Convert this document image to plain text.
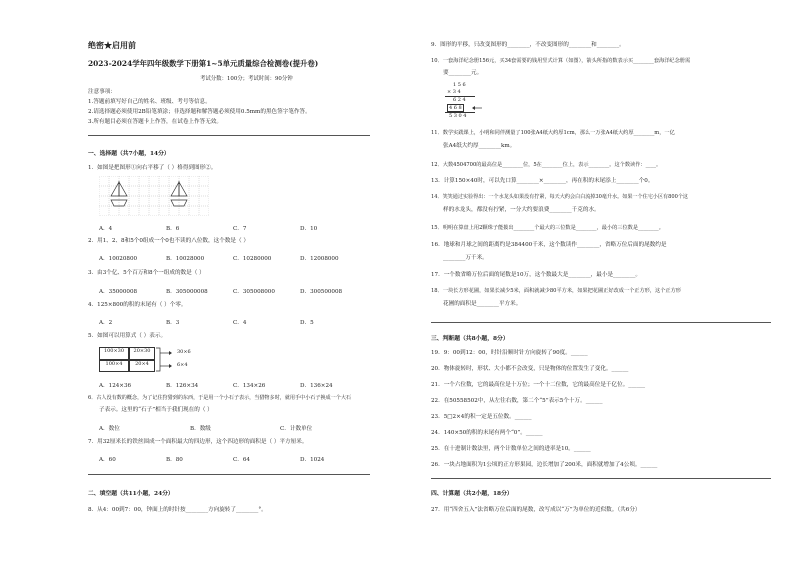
绝密★启用前
2023-2024学年四年级数学下册第1~5单元质量综合检测卷(提升卷)
考试分数：100分；考试时间：90分钟
注意事项：
1.答题前填写好自己的姓名、班级、考号等信息。
2.请选择题必须使用2B铅笔填涂；非选择题和解答题必须使用0.5mm的黑色签字笔作答。
3.所有题目必须在答题卡上作答，在试卷上作答无效。
一、选择题（共7小题，14分）
1．如图是把图形①向右平移了（ ）格得到图形②。
A．4	B．6	C．7	D．10
2．用1、2、8和5个0组成一个0也不读的八位数，这个数是（ ）
A．10020800	B．10028000	C．10280000	D．12008000
3．由3个亿、5个百万和8个一组成的数是（ ）
A．35000008	B．305000008	C．305008000	D．300500008
4．125×800的积的末尾有（ ）个零。
A．2	B．3	C．4	D．5
5．如图可以用算式（ ）表示。
100×30	20×30
100×4	20×4
30×6
6×4
A．124×36	B．126×34	C．134×26	D．136×24
6．古人没有数的概念，为了记住狩猎到的东西，于是用一个小石子表示，当猎物多时，就用手中小石子换成一个大石
子表示。这里的“石子”相当于我们现在的（ ）
A．数位	B．数级	C．计数单位
7．用32厘米长的铁丝围成一个面积最大的四边形，这个四边形的面积是（ ）平方厘米。
A．60	B．80	C．64	D．1024
二、填空题（共11小题，24分）
8．从4：00到7：00，钟面上的时针按________方向旋转了________°。
9．图形的平移，只改变图形的________，不改变图形的________和________。
10．一套海洋纪念册156元，买34套需要的钱用竖式计算（如图），箭头所指的数表示买________套海洋纪念册需
要________元。
1 5 6
× 3 4
6 2 4
4 6 8
5 3 0 4
11．数学实践课上，小明和同伴测量了100张A4纸大约厚1cm，那么一万张A4纸大约厚________m，一亿
张A4纸大约厚________km。
12．大数4504700的最高位是________位，5在________位上，表示________。这个数读作：____。
13．计算150×40时，可以先口算________×________，再在积的末尾添上________个0。
14．笑笑通过实验得出：一个水龙头如果没有拧紧，每天大约会白白流掉30毫升水。如果一个住宅小区有800个这
样的水龙头，都没有拧紧，一分大约要浪费________千克的水。
15．明明在算盘上用2颗珠子能拨出________个最大的三位数是________，最小的三位数是________。
16．地球和月球之间的距离约是384400千米，这个数读作________，省略万位后面的尾数约是
________万千米。
17．一个数省略万位后面的尾数是10万，这个数最大是________，最小是________。
18．一块长方形花圃，如果长减少5米，面积就减少80平方米，如果把花圃正好改成一个正方形，这个正方形
花圃的面积是________平方米。
三、判断题（共8小题，8分）
19．9：00到12：00，时针沿顺时针方向旋转了90度。______
20．物体旋转时，形状、大小都不会改变，只是物体的位置发生了变化。______
21．一个六位数，它的最高位是十万位；一个十二位数，它的最高位是千亿位。______
22．在50558502中，从左往右数，第二个“5”表示5个十万。______
23．5□2×4的积一定是五位数。______
24．140×50的积的末尾有两个“0”。______
25．在十进制计数法里，两个计数单位之间的进率是10。______
26．一块占地面积为1公顷的正方形果园，边长增加了200米，面积就增加了4公顷。______
四、计算题（共2小题，18分）
27．用“四舍五入”法省略万位后面的尾数，改写成以“万”为单位的近似数。（共6分）
